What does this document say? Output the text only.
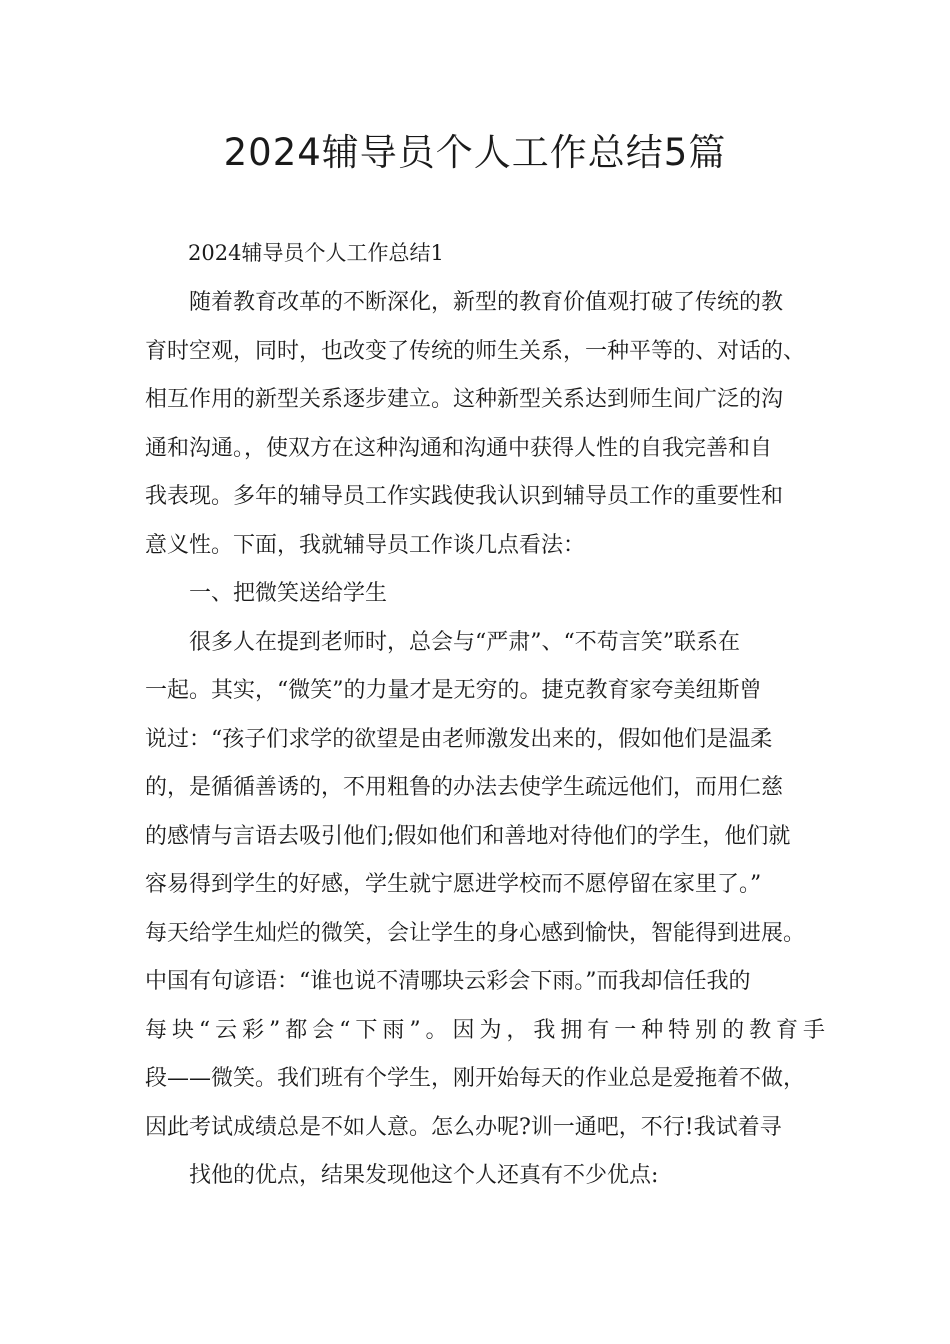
2024辅导员个人工作总结5篇

2024辅导员个人工作总结1

随着教育改革的不断深化，新型的教育价值观打破了传统的教
育时空观，同时，也改变了传统的师生关系，一种平等的、对话的、
相互作用的新型关系逐步建立。这种新型关系达到师生间广泛的沟
通和沟通。，使双方在这种沟通和沟通中获得人性的自我完善和自
我表现。多年的辅导员工作实践使我认识到辅导员工作的重要性和
意义性。下面，我就辅导员工作谈几点看法：
一、把微笑送给学生
很多人在提到老师时，总会与“严肃”、“不苟言笑”联系在
一起。其实，“微笑”的力量才是无穷的。捷克教育家夸美纽斯曾
说过：“孩子们求学的欲望是由老师激发出来的，假如他们是温柔
的，是循循善诱的，不用粗鲁的办法去使学生疏远他们，而用仁慈
的感情与言语去吸引他们;假如他们和善地对待他们的学生，他们就
容易得到学生的好感，学生就宁愿进学校而不愿停留在家里了。”
每天给学生灿烂的微笑，会让学生的身心感到愉快，智能得到进展。
中国有句谚语：“谁也说不清哪块云彩会下雨。”而我却信任我的
每块“云彩”都会“下雨”。因为，我拥有一种特别的教育手
段——微笑。我们班有个学生，刚开始每天的作业总是爱拖着不做，
因此考试成绩总是不如人意。怎么办呢?训一通吧，不行!我试着寻
找他的优点，结果发现他这个人还真有不少优点:
